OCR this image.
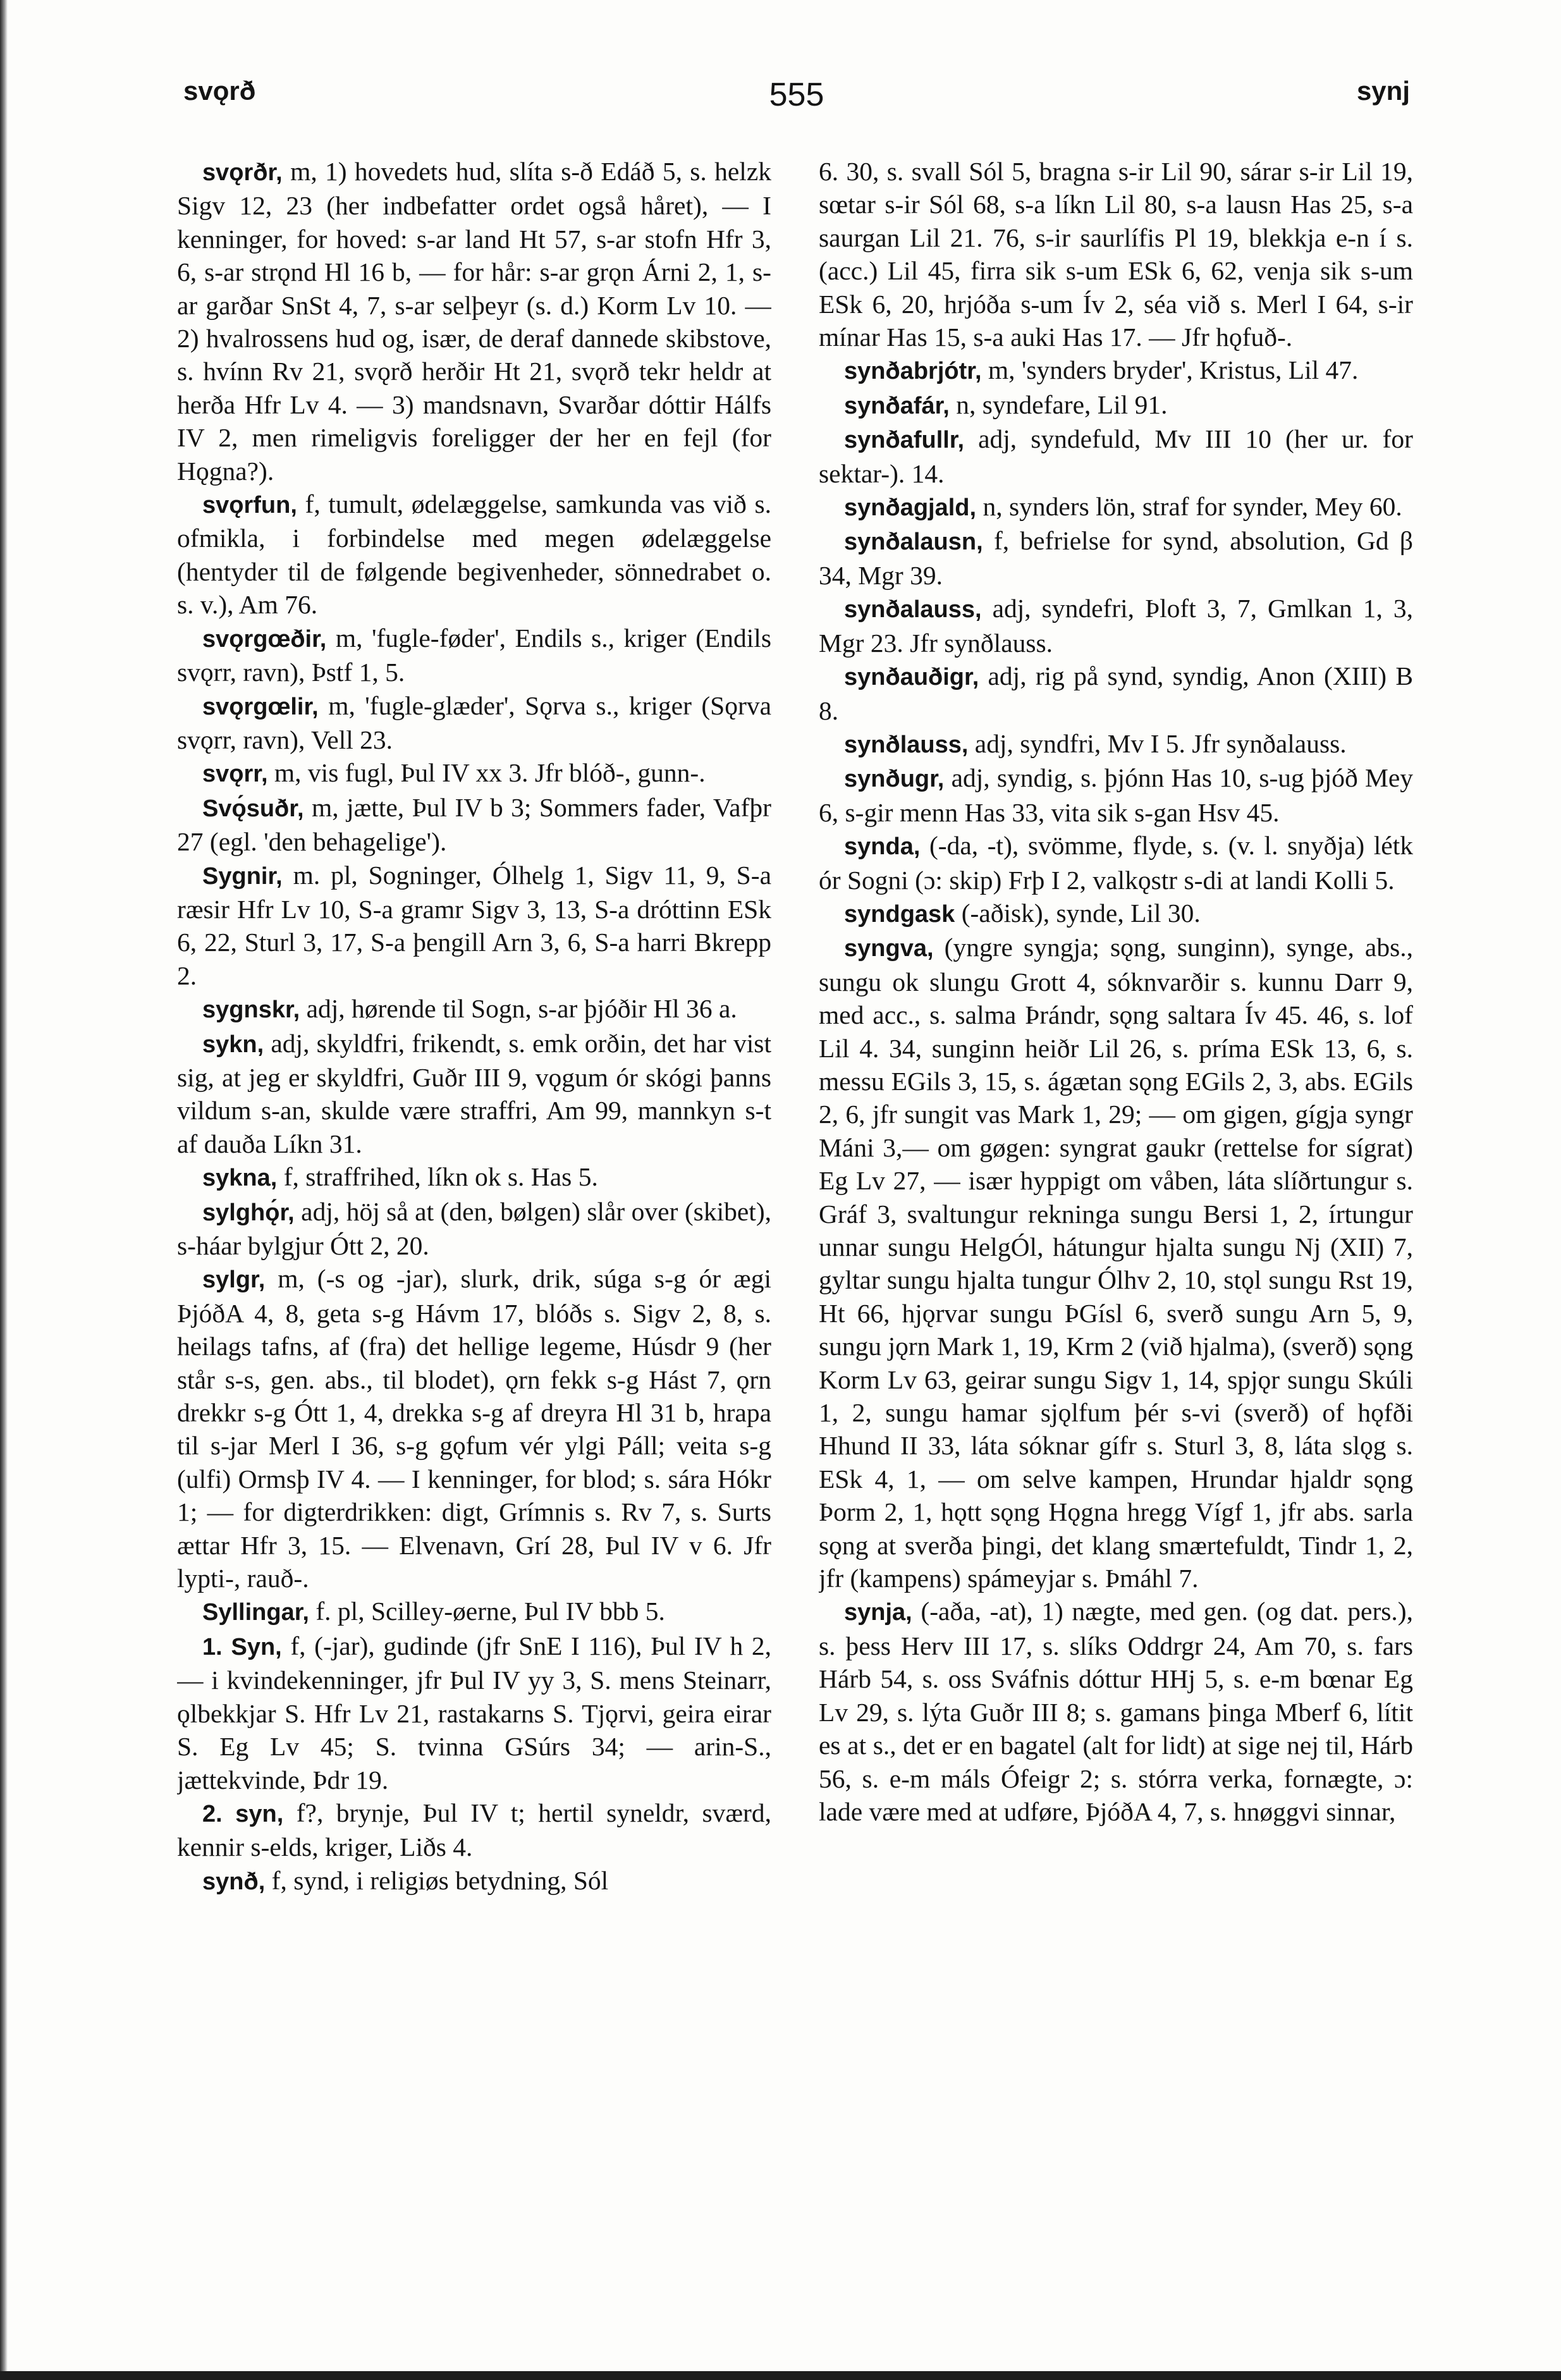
svǫrð	555	synj

svǫrðr, m, 1) hovedets hud, slíta s-ð Edáð 5, s. helzk Sigv 12, 23 (her indbefatter ordet også håret), — I kenninger, for hoved: s-ar land Ht 57, s-ar stofn Hfr 3, 6, s-ar strǫnd Hl 16 b, — for hår: s-ar grǫn Árni 2, 1, s-ar garðar SnSt 4, 7, s-ar selþeyr (s. d.) Korm Lv 10. — 2) hvalrossens hud og, især, de deraf dannede skibstove, s. hvínn Rv 21, svǫrð herðir Ht 21, svǫrð tekr heldr at herða Hfr Lv 4. — 3) mandsnavn, Svarðar dóttir Hálfs IV 2, men rimeligvis foreligger der her en fejl (for Hǫgna?).

svǫrfun, f, tumult, ødelæggelse, samkunda vas við s. ofmikla, i forbindelse med megen ødelæggelse (hentyder til de følgende begivenheder, sönnedrabet o. s. v.), Am 76.

svǫrgœðir, m, 'fugle-føder', Endils s., kriger (Endils svǫrr, ravn), Þstf 1, 5.

svǫrgœlir, m, 'fugle-glæder', Sǫrva s., kriger (Sǫrva svǫrr, ravn), Vell 23.

svǫrr, m, vis fugl, Þul IV xx 3. Jfr blóð-, gunn-.

Svǫ́suðr, m, jætte, Þul IV b 3; Sommers fader, Vafþr 27 (egl. 'den behagelige').

Sygnir, m. pl, Sogninger, Ólhelg 1, Sigv 11, 9, S-a ræsir Hfr Lv 10, S-a gramr Sigv 3, 13, S-a dróttinn ESk 6, 22, Sturl 3, 17, S-a þengill Arn 3, 6, S-a harri Bkrepp 2.

sygnskr, adj, hørende til Sogn, s-ar þjóðir Hl 36 a.

sykn, adj, skyldfri, frikendt, s. emk orðin, det har vist sig, at jeg er skyldfri, Guðr III 9, vǫgum ór skógi þanns vildum s-an, skulde være straffri, Am 99, mannkyn s-t af dauða Líkn 31.

sykna, f, straffrihed, líkn ok s. Has 5.

sylghǫ́r, adj, höj så at (den, bølgen) slår over (skibet), s-háar bylgjur Ótt 2, 20.

sylgr, m, (-s og -jar), slurk, drik, súga s-g ór ægi ÞjóðA 4, 8, geta s-g Hávm 17, blóðs s. Sigv 2, 8, s. heilags tafns, af (fra) det hellige legeme, Húsdr 9 (her står s-s, gen. abs., til blodet), ǫrn fekk s-g Hást 7, ǫrn drekkr s-g Ótt 1, 4, drekka s-g af dreyra Hl 31 b, hrapa til s-jar Merl I 36, s-g gǫfum vér ylgi Páll; veita s-g (ulfi) Ormsþ IV 4. — I kenninger, for blod; s. sára Hókr 1; — for digterdrikken: digt, Grímnis s. Rv 7, s. Surts ættar Hfr 3, 15. — Elvenavn, Grí 28, Þul IV v 6. Jfr lypti-, rauð-.

Syllingar, f. pl, Scilley-øerne, Þul IV bbb 5.

1. Syn, f, (-jar), gudinde (jfr SnE I 116), Þul IV h 2, — i kvindekenninger, jfr Þul IV yy 3, S. mens Steinarr, ǫlbekkjar S. Hfr Lv 21, rastakarns S. Tjǫrvi, geira eirar S. Eg Lv 45; S. tvinna GSúrs 34; — arin-S., jættekvinde, Þdr 19.

2. syn, f?, brynje, Þul IV t; hertil syneldr, sværd, kennir s-elds, kriger, Liðs 4.

synð, f, synd, i religiøs betydning, Sól

6. 30, s. svall Sól 5, bragna s-ir Lil 90, sárar s-ir Lil 19, sœtar s-ir Sól 68, s-a líkn Lil 80, s-a lausn Has 25, s-a saurgan Lil 21. 76, s-ir saurlífis Pl 19, blekkja e-n í s. (acc.) Lil 45, firra sik s-um ESk 6, 62, venja sik s-um ESk 6, 20, hrjóða s-um Ív 2, séa við s. Merl I 64, s-ir mínar Has 15, s-a auki Has 17. — Jfr hǫfuð-.

synðabrjótr, m, 'synders bryder', Kristus, Lil 47.

synðafár, n, syndefare, Lil 91.

synðafullr, adj, syndefuld, Mv III 10 (her ur. for sektar-). 14.

synðagjald, n, synders lön, straf for synder, Mey 60.

synðalausn, f, befrielse for synd, absolution, Gd β 34, Mgr 39.

synðalauss, adj, syndefri, Þloft 3, 7, Gmlkan 1, 3, Mgr 23. Jfr synðlauss.

synðauðigr, adj, rig på synd, syndig, Anon (XIII) B 8.

synðlauss, adj, syndfri, Mv I 5. Jfr synðalauss.

synðugr, adj, syndig, s. þjónn Has 10, s-ug þjóð Mey 6, s-gir menn Has 33, vita sik s-gan Hsv 45.

synda, (-da, -t), svömme, flyde, s. (v. l. snyðja) létk ór Sogni (ɔ: skip) Frþ I 2, valkǫstr s-di at landi Kolli 5.

syndgask (-aðisk), synde, Lil 30.

syngva, (yngre syngja; sǫng, sunginn), synge, abs., sungu ok slungu Grott 4, sóknvarðir s. kunnu Darr 9, med acc., s. salma Þrándr, sǫng saltara Ív 45. 46, s. lof Lil 4. 34, sunginn heiðr Lil 26, s. príma ESk 13, 6, s. messu EGils 3, 15, s. ágætan sǫng EGils 2, 3, abs. EGils 2, 6, jfr sungit vas Mark 1, 29; — om gigen, gígja syngr Máni 3,— om gøgen: syngrat gaukr (rettelse for sígrat) Eg Lv 27, — især hyppigt om våben, láta slíðrtungur s. Gráf 3, svaltungur rekninga sungu Bersi 1, 2, írtungur unnar sungu HelgÓl, hátungur hjalta sungu Nj (XII) 7, gyltar sungu hjalta tungur Ólhv 2, 10, stǫl sungu Rst 19, Ht 66, hjǫrvar sungu ÞGísl 6, sverð sungu Arn 5, 9, sungu jǫrn Mark 1, 19, Krm 2 (við hjalma), (sverð) sǫng Korm Lv 63, geirar sungu Sigv 1, 14, spjǫr sungu Skúli 1, 2, sungu hamar sjǫlfum þér s-vi (sverð) of hǫfði Hhund II 33, láta sóknar gífr s. Sturl 3, 8, láta slǫg s. ESk 4, 1, — om selve kampen, Hrundar hjaldr sǫng Þorm 2, 1, hǫtt sǫng Hǫgna hregg Vígf 1, jfr abs. sarla sǫng at sverða þingi, det klang smærtefuldt, Tindr 1, 2, jfr (kampens) spámeyjar s. Þmáhl 7.

synja, (-aða, -at), 1) nægte, med gen. (og dat. pers.), s. þess Herv III 17, s. slíks Oddrgr 24, Am 70, s. fars Hárb 54, s. oss Sváfnis dóttur HHj 5, s. e-m bœnar Eg Lv 29, s. lýta Guðr III 8; s. gamans þinga Mberf 6, lítit es at s., det er en bagatel (alt for lidt) at sige nej til, Hárb 56, s. e-m máls Ófeigr 2; s. stórra verka, fornægte, ɔ: lade være med at udføre, ÞjóðA 4, 7, s. hnøggvi sinnar,
